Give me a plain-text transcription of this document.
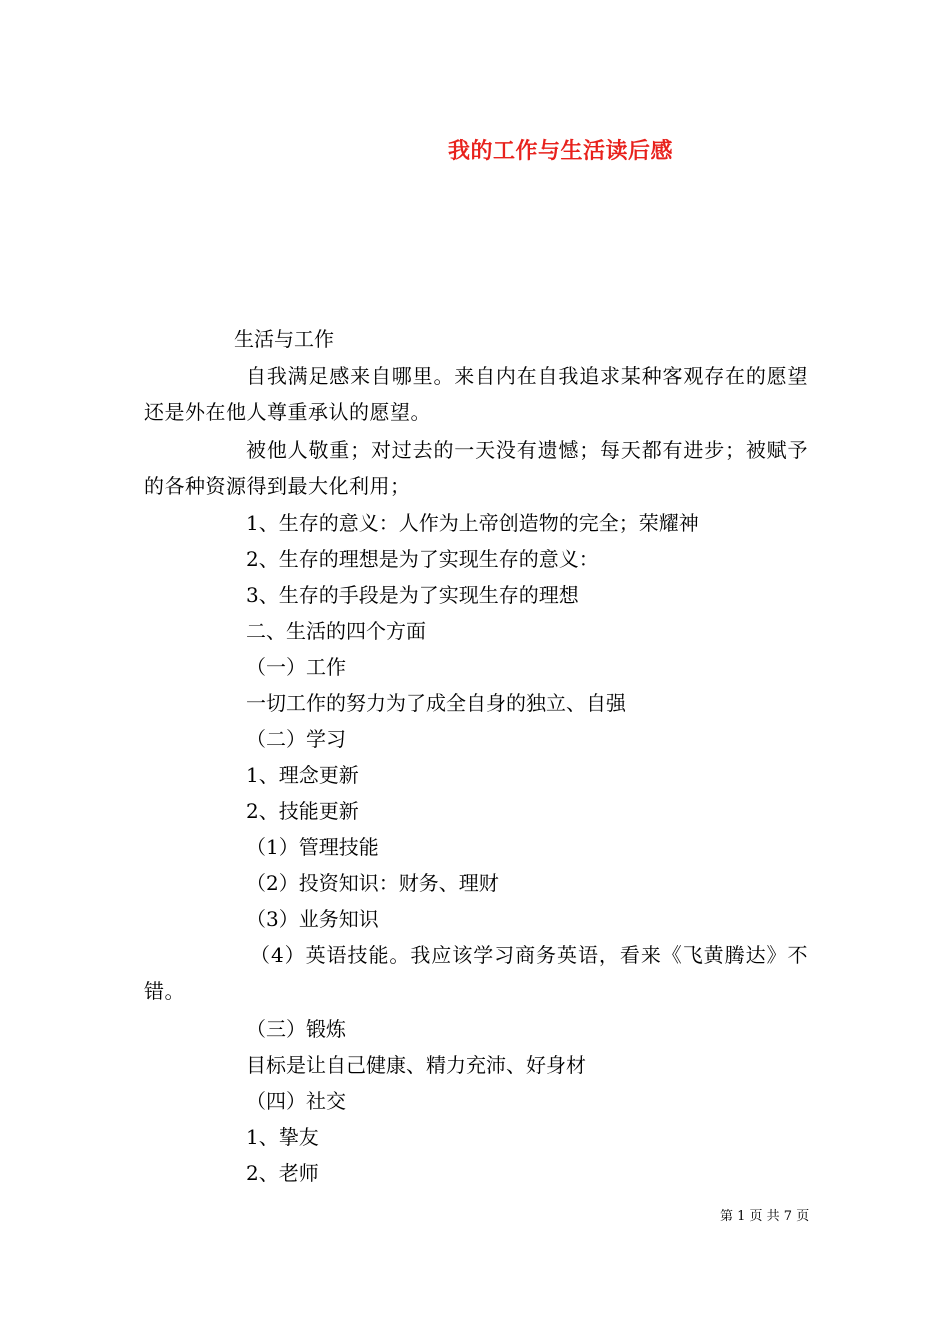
我的工作与生活读后感
生活与工作
自我满足感来自哪里。来自内在自我追求某种客观存在的愿望还是外在他人尊重承认的愿望。
被他人敬重；对过去的一天没有遗憾；每天都有进步；被赋予的各种资源得到最大化利用；
1、生存的意义：人作为上帝创造物的完全；荣耀神
2、生存的理想是为了实现生存的意义：
3、生存的手段是为了实现生存的理想
二、生活的四个方面
（一）工作
一切工作的努力为了成全自身的独立、自强
（二）学习
1、理念更新
2、技能更新
（1）管理技能
（2）投资知识：财务、理财
（3）业务知识
（4）英语技能。我应该学习商务英语，看来《飞黄腾达》不错。
（三）锻炼
目标是让自己健康、精力充沛、好身材
（四）社交
1、挚友
2、老师
第 1 页 共 7 页
